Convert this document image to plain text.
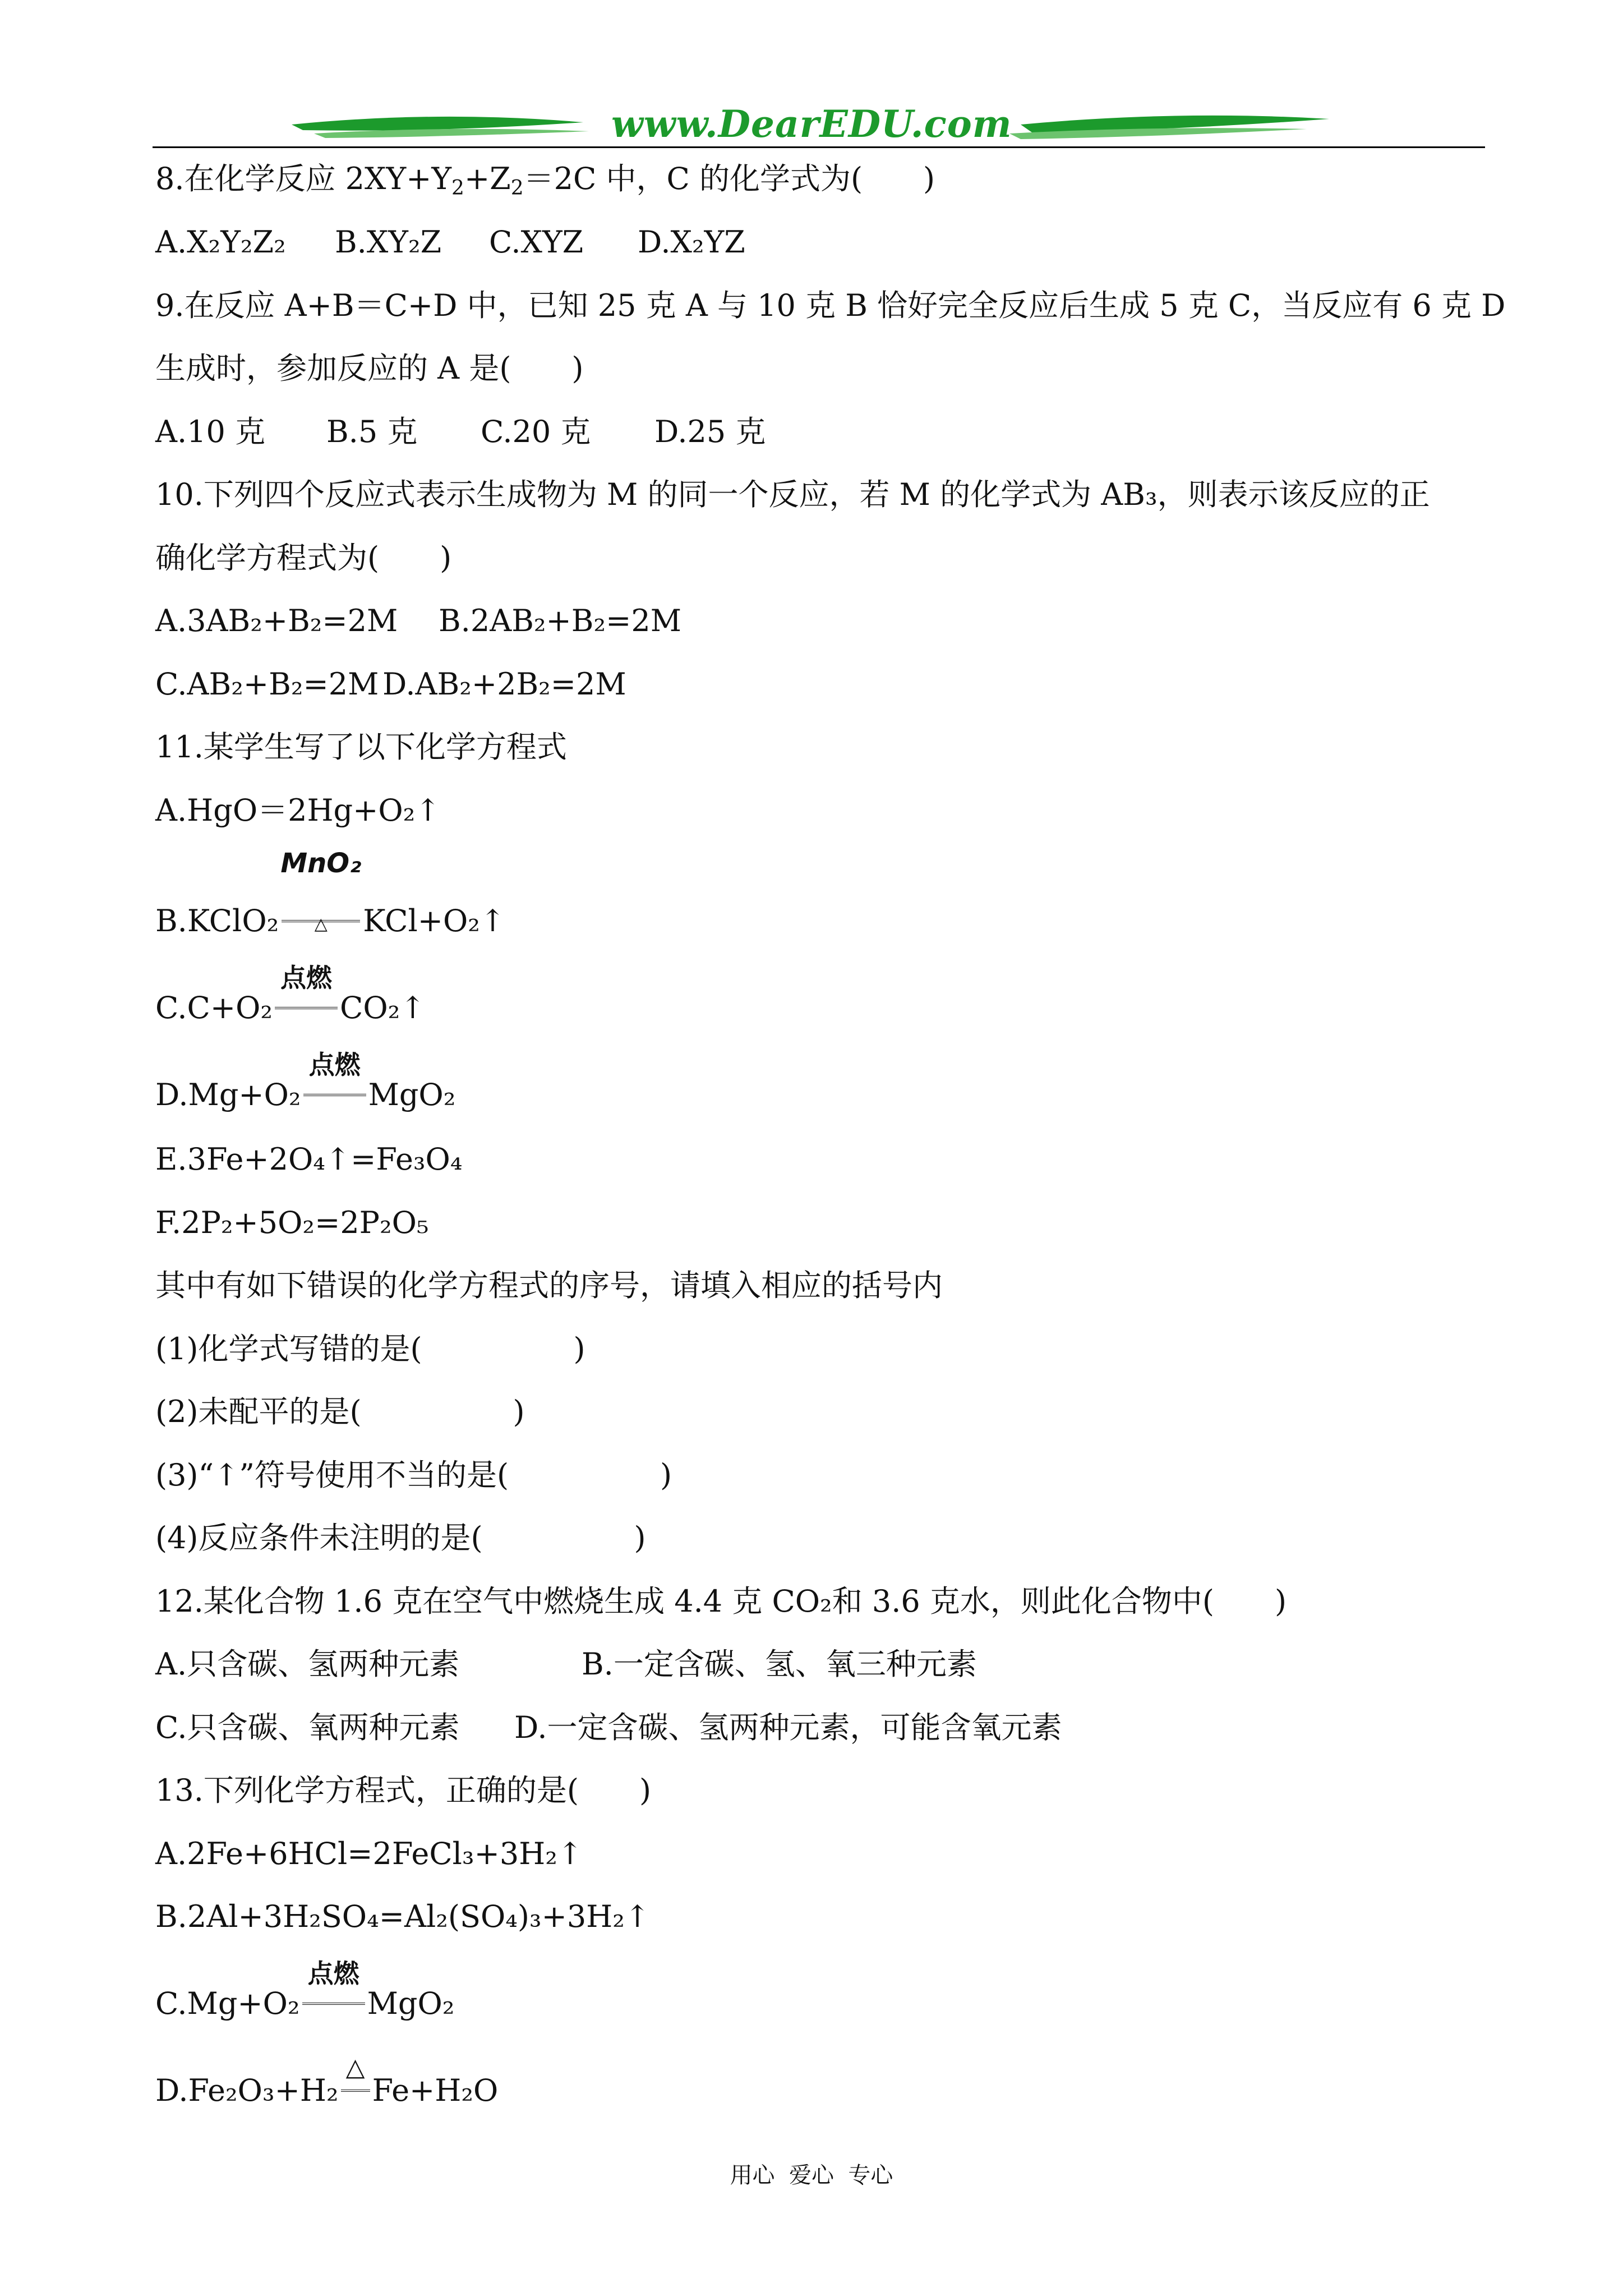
www.DearEDU.com
8.在化学反应 $2XY+Y_2+Z_2=2C$ 中，C 的化学式为(　　)
A.X₂Y₂Z₂ B.XY₂Z C.XYZ D.X₂YZ
9.在反应 A+B＝C+D 中，已知 25 克 A 与 10 克 B 恰好完全反应后生成 5 克 C，当反应有 6 克 D
生成时，参加反应的 A 是(　　)
A.10 克 B.5 克 C.20 克 D.25 克
10.下列四个反应式表示生成物为 M 的同一个反应，若 M 的化学式为 AB₃，则表示该反应的正
确化学方程式为(　　)
A.3AB₂+B₂=2M B.2AB₂+B₂=2M
C.AB₂+B₂=2M D.AB₂+2B₂=2M
11.某学生写了以下化学方程式
A.HgO＝2Hg+O₂↑
B.KClO₂
MnO₂
△ KCl+O₂↑
C.C+O₂
点燃
CO₂↑
D.Mg+O₂
点燃
MgO₂
E.3Fe+2O₄↑=Fe₃O₄
F.2P₂+5O₂=2P₂O₅
其中有如下错误的化学方程式的序号，请填入相应的括号内
(1)化学式写错的是(　　　　　)
(2)未配平的是(　　　　　)
(3)“↑”符号使用不当的是(　　　　　)
(4)反应条件未注明的是(　　　　　)
12.某化合物 1.6 克在空气中燃烧生成 4.4 克 CO₂和 3.6 克水，则此化合物中(　　)
A.只含碳、氢两种元素	B.一定含碳、氢、氧三种元素
C.只含碳、氧两种元素 D.一定含碳、氢两种元素，可能含氧元素
13.下列化学方程式，正确的是(　　)
A.2Fe+6HCl=2FeCl₃+3H₂↑
B.2Al+3H₂SO₄=Al₂(SO₄)₃+3H₂↑
C.Mg+O₂
点燃
MgO₂
D.Fe₂O₃+H₂
△
Fe+H₂O
用心  爱心  专心
